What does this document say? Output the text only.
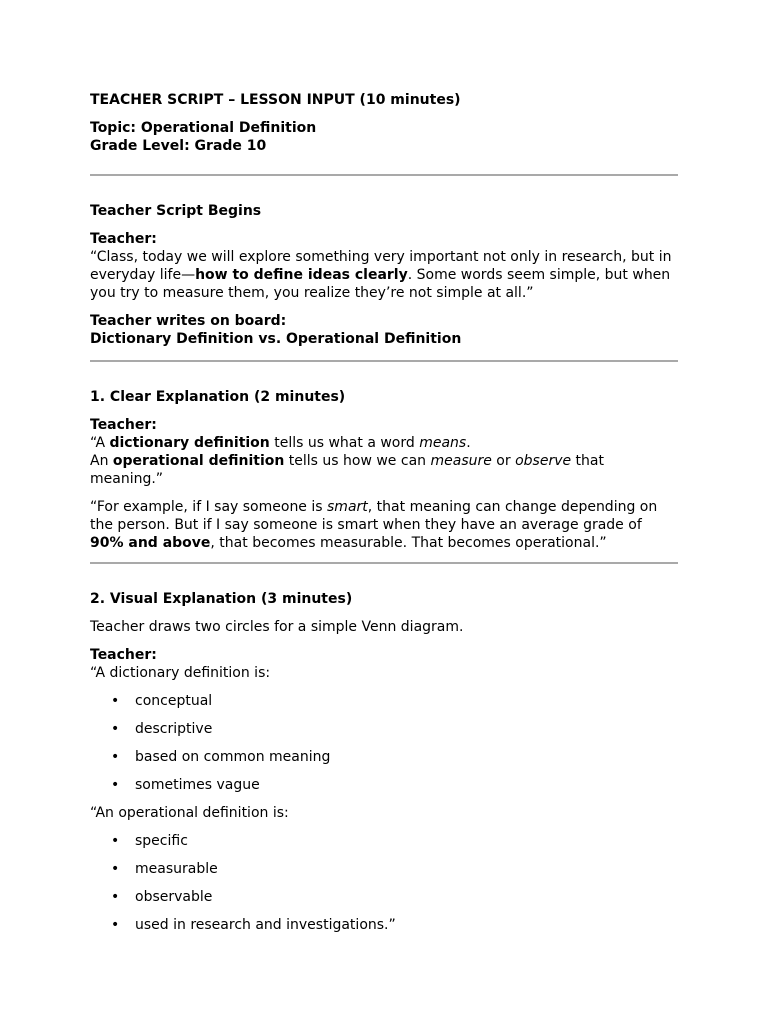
TEACHER SCRIPT – LESSON INPUT (10 minutes)

Topic: Operational Definition

Grade Level: Grade 10

Teacher Script Begins

Teacher:

“Class, today we will explore something very important not only in research, but in everyday life—how to define ideas clearly. Some words seem simple, but when you try to measure them, you realize they’re not simple at all.”

Teacher writes on board:

Dictionary Definition vs. Operational Definition

1. Clear Explanation (2 minutes)

Teacher:

“A dictionary definition tells us what a word means.

An operational definition tells us how we can measure or observe that meaning.”

“For example, if I say someone is smart, that meaning can change depending on the person. But if I say someone is smart when they have an average grade of 90% and above, that becomes measurable. That becomes operational.”

2. Visual Explanation (3 minutes)

Teacher draws two circles for a simple Venn diagram.

Teacher:

“A dictionary definition is:

• conceptual
• descriptive
• based on common meaning
• sometimes vague

“An operational definition is:

• specific
• measurable
• observable
• used in research and investigations.”
